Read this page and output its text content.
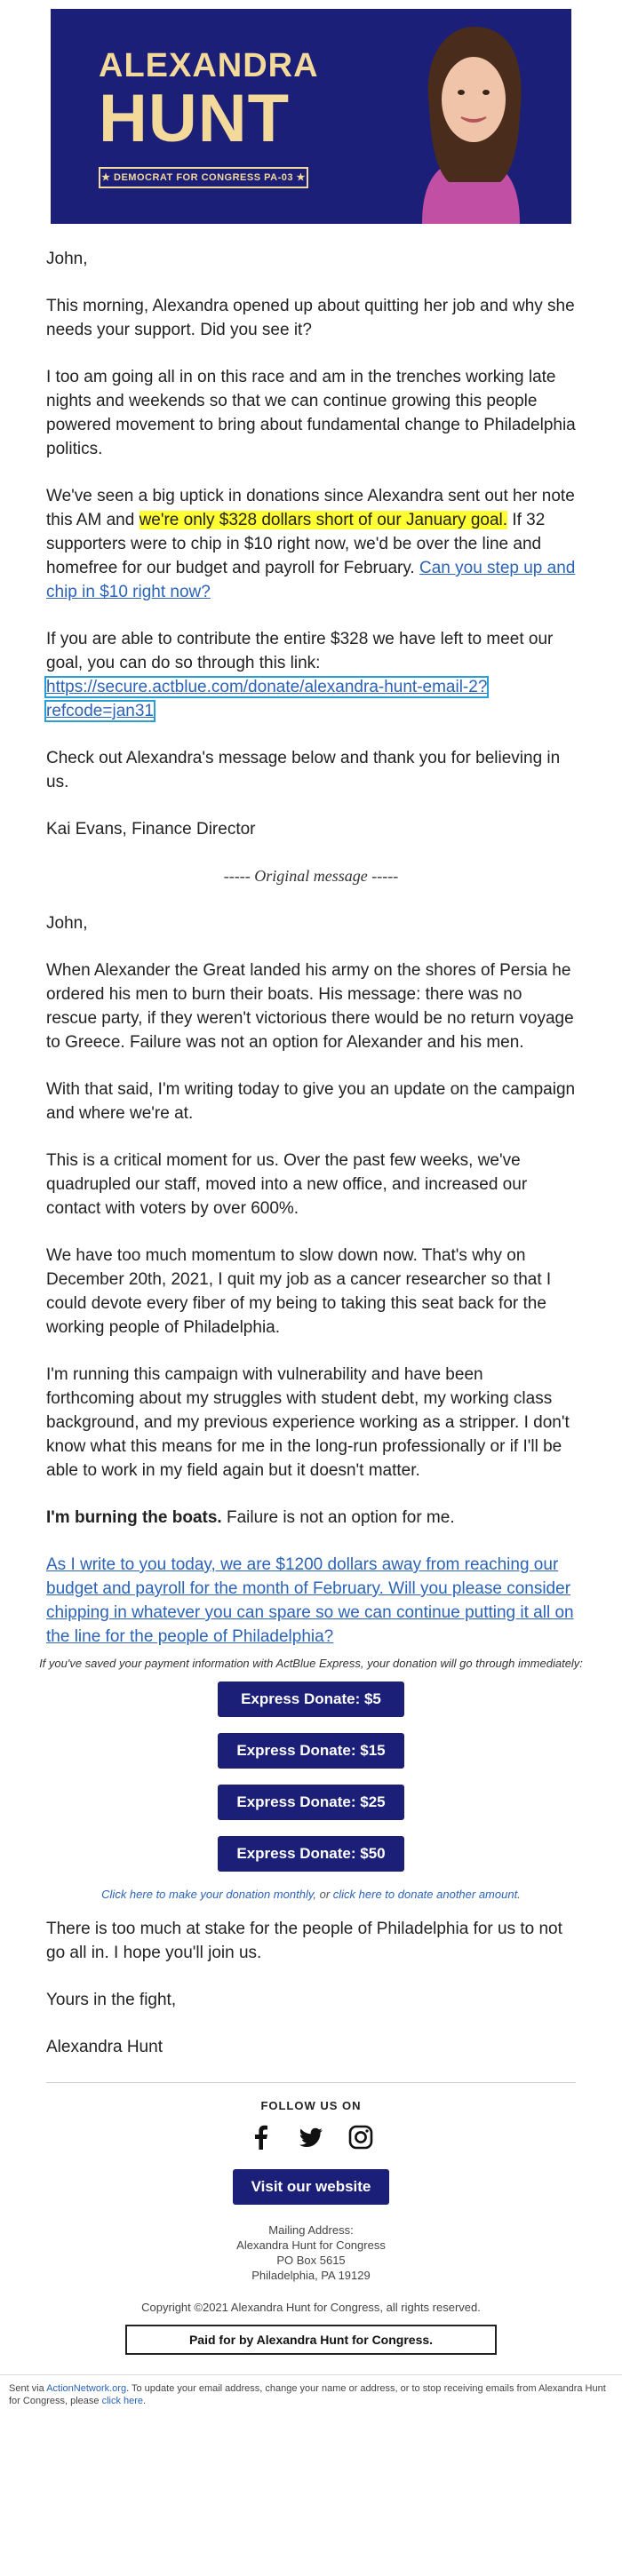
ALEXANDRA
HUNT
★ DEMOCRAT FOR CONGRESS PA-03 ★

John,

This morning, Alexandra opened up about quitting her job and why she needs your support. Did you see it?

I too am going all in on this race and am in the trenches working late nights and weekends so that we can continue growing this people powered movement to bring about fundamental change to Philadelphia politics.

We've seen a big uptick in donations since Alexandra sent out her note this AM and we're only $328 dollars short of our January goal. If 32 supporters were to chip in $10 right now, we'd be over the line and homefree for our budget and payroll for February. Can you step up and chip in $10 right now?

If you are able to contribute the entire $328 we have left to meet our goal, you can do so through this link: https://secure.actblue.com/donate/alexandra-hunt-email-2?refcode=jan31

Check out Alexandra's message below and thank you for believing in us.

Kai Evans, Finance Director

----- Original message -----

John,

When Alexander the Great landed his army on the shores of Persia he ordered his men to burn their boats. His message: there was no rescue party, if they weren't victorious there would be no return voyage to Greece. Failure was not an option for Alexander and his men.

With that said, I'm writing today to give you an update on the campaign and where we're at.

This is a critical moment for us. Over the past few weeks, we've quadrupled our staff, moved into a new office, and increased our contact with voters by over 600%.

We have too much momentum to slow down now. That's why on December 20th, 2021, I quit my job as a cancer researcher so that I could devote every fiber of my being to taking this seat back for the working people of Philadelphia.

I'm running this campaign with vulnerability and have been forthcoming about my struggles with student debt, my working class background, and my previous experience working as a stripper. I don't know what this means for me in the long-run professionally or if I'll be able to work in my field again but it doesn't matter.

I'm burning the boats. Failure is not an option for me.

As I write to you today, we are $1200 dollars away from reaching our budget and payroll for the month of February. Will you please consider chipping in whatever you can spare so we can continue putting it all on the line for the people of Philadelphia?

If you've saved your payment information with ActBlue Express, your donation will go through immediately:
Express Donate: $5
Express Donate: $15
Express Donate: $25
Express Donate: $50
Click here to make your donation monthly, or click here to donate another amount.

There is too much at stake for the people of Philadelphia for us to not go all in. I hope you'll join us.

Yours in the fight,

Alexandra Hunt

FOLLOW US ON

Visit our website
Mailing Address:
Alexandra Hunt for Congress
PO Box 5615
Philadelphia, PA 19129
Copyright ©2021 Alexandra Hunt for Congress, all rights reserved.
Paid for by Alexandra Hunt for Congress.
Sent via ActionNetwork.org. To update your email address, change your name or address, or to stop receiving emails from Alexandra Hunt for Congress, please click here.
